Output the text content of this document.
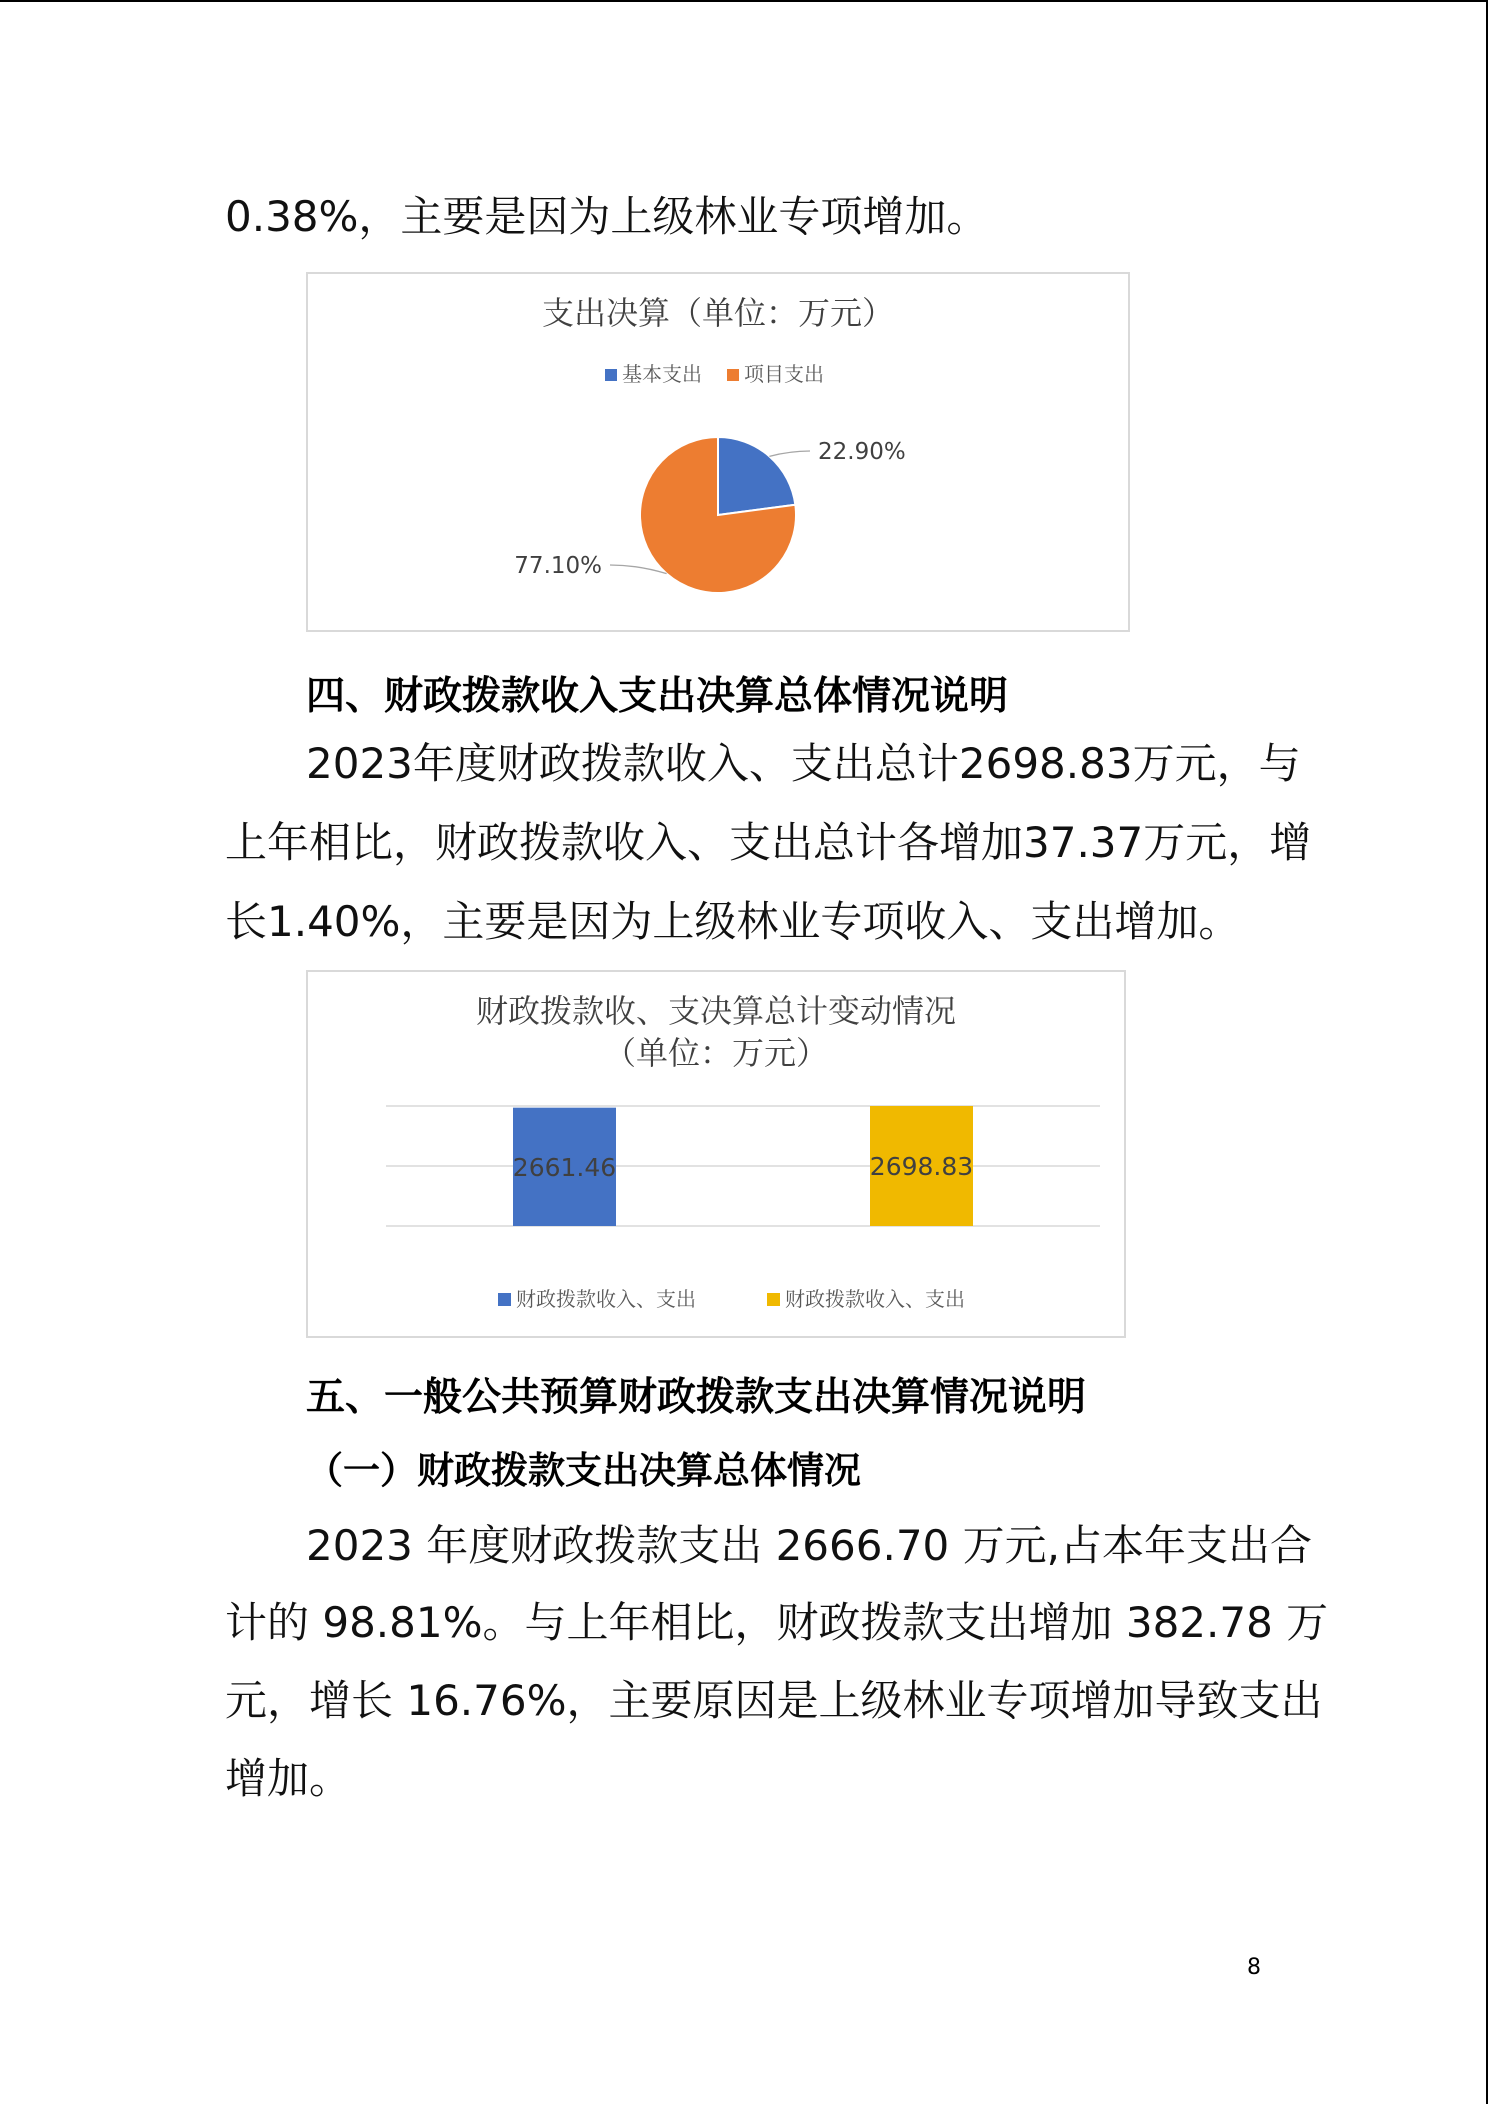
0.38%，主要是因为上级林业专项增加。

支出决算（单位：万元）
基本支出 项目支出
22.90%
77.10%

四、财政拨款收入支出决算总体情况说明

2023年度财政拨款收入、支出总计2698.83万元，与

上年相比，财政拨款收入、支出总计各增加37.37万元，增

长1.40%，主要是因为上级林业专项收入、支出增加。

财政拨款收、支决算总计变动情况
（单位：万元）
2661.46	2698.83
财政拨款收入、支出	财政拨款收入、支出

五、一般公共预算财政拨款支出决算情况说明

（一）财政拨款支出决算总体情况

2023 年度财政拨款支出 2666.70 万元,占本年支出合

计的 98.81%。与上年相比，财政拨款支出增加 382.78 万

元，增长 16.76%，主要原因是上级林业专项增加导致支出

增加。

8
